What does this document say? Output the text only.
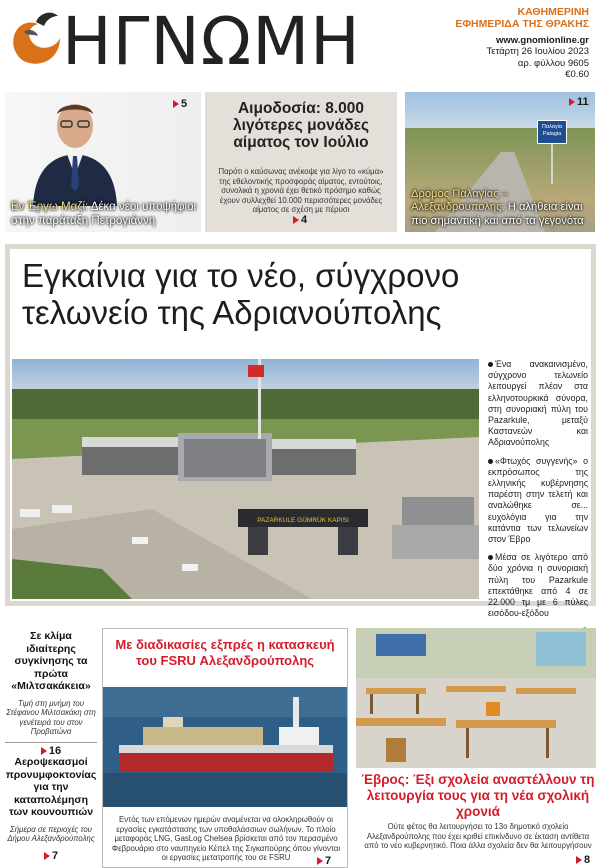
ΗΓΝΩΜΗ	ΚΑΘΗΜΕΡΙΝΗ
ΕΦΗΜΕΡΙΔΑ ΤΗΣ ΘΡΑΚΗΣ
www.gnomionline.gr
Τετάρτη 26 Ιουλίου 2023
αρ. φύλλου 9605
€0.60
5
Εν Έργω Μαζί: Δέκα νέοι υποψήφιοι στην παράταξη Πετρογιάννη
Αιμοδοσία: 8.000 λιγότερες μονάδες αίματος τον Ιούλιο
Παρότι ο καύσωνας ανέκοψε για λίγο το «κύμα» της εθελοντικής προσφοράς αίματος, εντούτοις, συνολικά η χρονιά έχει θετικό πρόσημο καθώς έχουν συλλεχθεί 10.000 περισσότερες μονάδες αίματος σε σχέση με πέρυσι
4
Παλαγία Palagia
11
Δρόμος Παλαγίας – Αλεξανδρούπολης: Η αλήθεια είναι πιο σημαντική και από τα γεγονότα
Εγκαίνια για το νέο, σύγχρονο τελωνείο της Αδριανούπολης
PAZARKULE GÜMRÜK KAPISI

Ένα ανακαινισμένο, σύγχρονο τελωνείο λειτουργεί πλέον στα ελληνοτουρκικά σύνορα, στη συνοριακή πύλη του Pazarkule, μεταξύ Καστανεών και Αδριανούπολης

«Φτωχός συγγενής» ο εκπρόσωπος της ελληνικής κυβέρνησης παρέστη στην τελετή και αναλώθηκε σε... ευχολόγια για την κατάντια των τελωνείων στον Έβρο

Μέσα σε λιγότερο από δύο χρόνια η συνοριακή πύλη του Pazarkule επεκτάθηκε από 4 σε 22.000 τμ με 6 πύλες εισόδου-εξόδου

Σε κλίμα ιδιαίτερης συγκίνησης τα πρώτα «Μιλτσακάκεια»
Τιμή στη μνήμη του Στέφανου Μιλτσακάκη στη γενέτειρά του στον Προβατώνα
16
Αεροψεκασμοί προνυμφοκτονίας για την καταπολέμηση των κουνουπιών
Σήμερα σε περιοχές του Δήμου Αλεξανδρούπολης
7
Με διαδικασίες εξπρές η κατασκευή του FSRU Αλεξανδρούπολης
Εντός των επόμενων ημερών αναμένεται να ολοκληρωθούν οι εργασίες εγκατάστασης των υποθαλάσσιων σωλήνων. Το πλοίο μεταφοράς LNG, GasLog Chelsea βρίσκεται από τον περασμένο Φεβρουάριο στο ναυπηγείο Κέπελ της Σιγκαπούρης όπου γίνονται οι εργασίες μετατροπής του σε FSRU	7
Έβρος: Έξι σχολεία αναστέλλουν τη λειτουργία τους για τη νέα σχολική χρονιά
Ούτε φέτος θα λειτουργήσει το 13ο δημοτικό σχολείο Αλεξανδρούπολης που έχει κριθεί επικίνδυνο σε έκταση αντίθετα από το νέο κυβερνητικό. Ποια άλλα σχολεία δεν θα λειτουργήσουν
8
